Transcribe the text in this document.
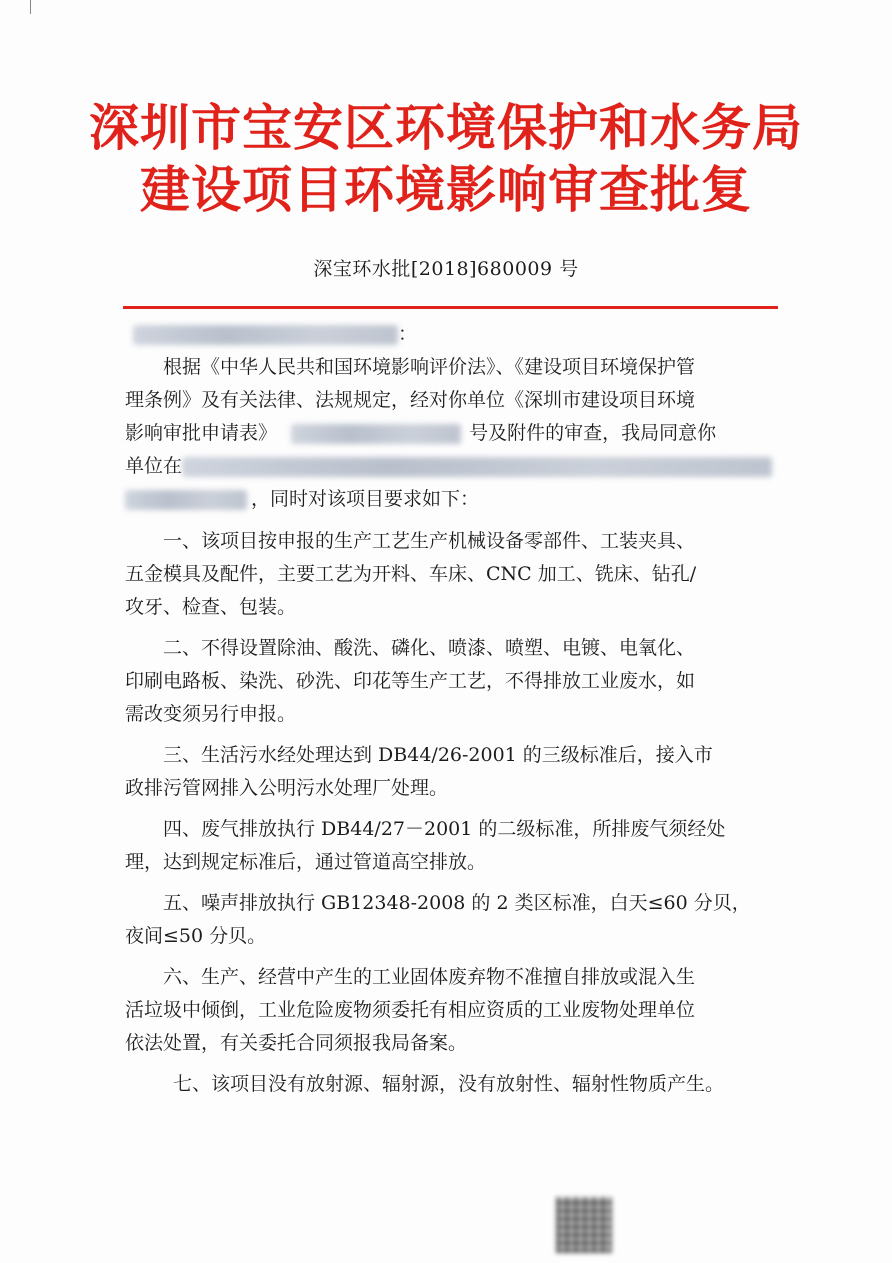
深圳市宝安区环境保护和水务局
建设项目环境影响审查批复
深宝环水批[2018]680009 号
：
根据《中华人民共和国环境影响评价法》、《建设项目环境保护管
理条例》及有关法律、法规规定，经对你单位《深圳市建设项目环境
影响审批申请表》	号及附件的审查，我局同意你
单位在
，同时对该项目要求如下：
一、该项目按申报的生产工艺生产机械设备零部件、工装夹具、
五金模具及配件，主要工艺为开料、车床、CNC 加工、铣床、钻孔/
攻牙、检查、包装。
二、不得设置除油、酸洗、磷化、喷漆、喷塑、电镀、电氧化、
印刷电路板、染洗、砂洗、印花等生产工艺，不得排放工业废水，如
需改变须另行申报。
三、生活污水经处理达到 DB44/26-2001 的三级标准后，接入市
政排污管网排入公明污水处理厂处理。
四、废气排放执行 DB44/27－2001 的二级标准，所排废气须经处
理，达到规定标准后，通过管道高空排放。
五、噪声排放执行 GB12348-2008 的 2 类区标准，白天≤60 分贝，
夜间≤50 分贝。
六、生产、经营中产生的工业固体废弃物不准擅自排放或混入生
活垃圾中倾倒，工业危险废物须委托有相应资质的工业废物处理单位
依法处置，有关委托合同须报我局备案。
七、该项目没有放射源、辐射源，没有放射性、辐射性物质产生。
